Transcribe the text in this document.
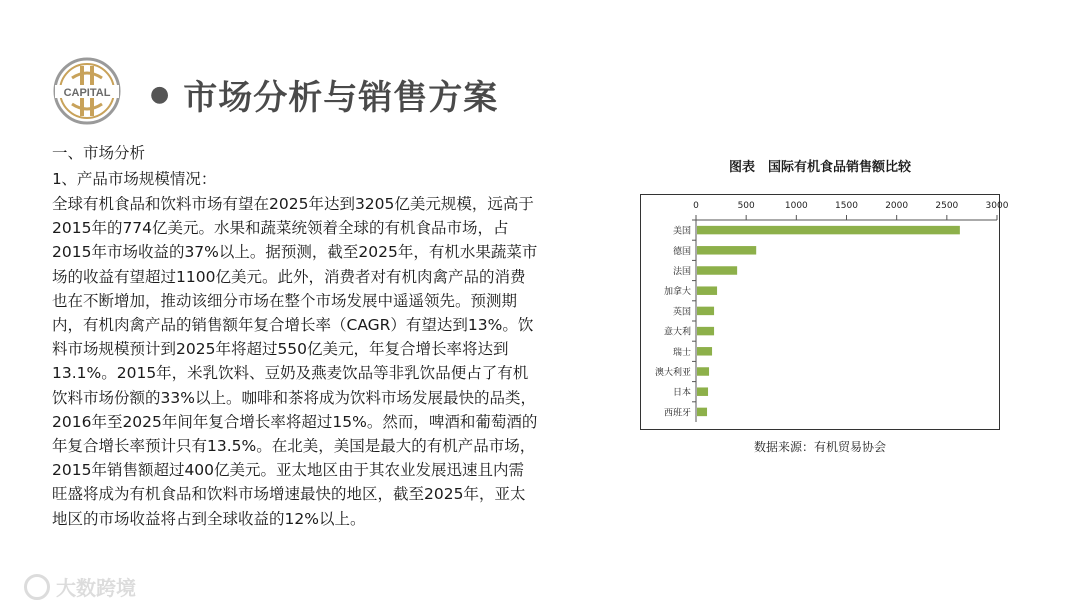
CAPITAL ● 市场分析与销售方案
一、市场分析
1、产品市场规模情况：
全球有机食品和饮料市场有望在2025年达到3205亿美元规模，远高于
2015年的774亿美元。水果和蔬菜统领着全球的有机食品市场，占
2015年市场收益的37%以上。据预测，截至2025年，有机水果蔬菜市
场的收益有望超过1100亿美元。此外，消费者对有机肉禽产品的消费
也在不断增加，推动该细分市场在整个市场发展中遥遥领先。预测期
内，有机肉禽产品的销售额年复合增长率（CAGR）有望达到13%。饮
料市场规模预计到2025年将超过550亿美元，年复合增长率将达到
13.1%。2015年，米乳饮料、豆奶及燕麦饮品等非乳饮品便占了有机
饮料市场份额的33%以上。咖啡和茶将成为饮料市场发展最快的品类，
2016年至2025年间年复合增长率将超过15%。然而，啤酒和葡萄酒的
年复合增长率预计只有13.5%。在北美，美国是最大的有机产品市场，
2015年销售额超过400亿美元。亚太地区由于其农业发展迅速且内需
旺盛将成为有机食品和饮料市场增速最快的地区，截至2025年，亚太
地区的市场收益将占到全球收益的12%以上。
图表　国际有机食品销售额比较
0	500	1000	1500	2000	2500	3000
美国
德国
法国
加拿大
英国
意大利
瑞士
澳大利亚
日本
西班牙
数据来源：有机贸易协会
大数跨境
